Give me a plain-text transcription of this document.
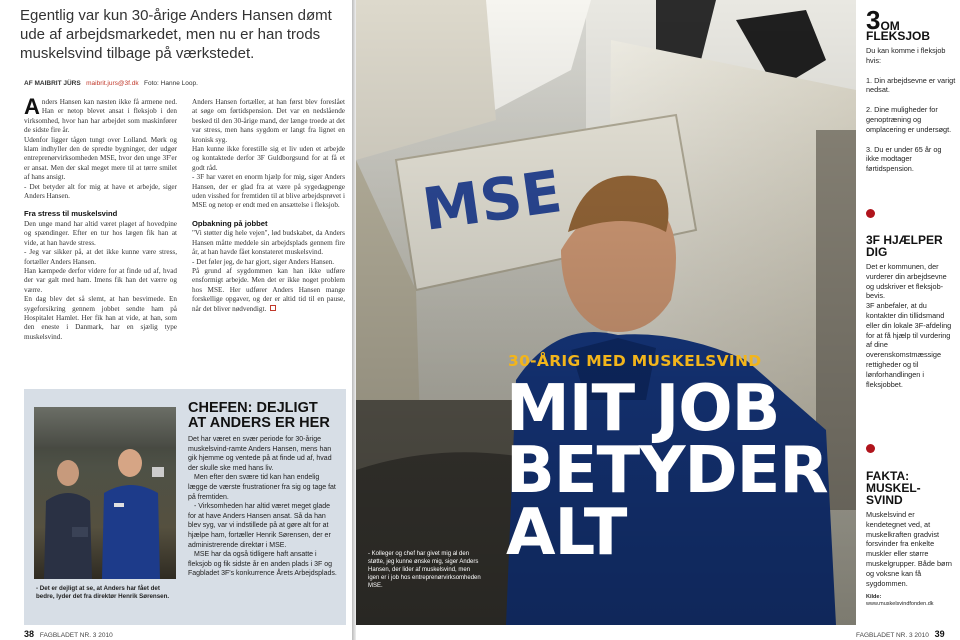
Egentlig var kun 30-årige Anders Hansen dømt ude af arbejdsmarkedet, men nu er han trods muskelsvind tilbage på værkstedet.
AF MAIBRIT JÜRS maibrit.jurs@3f.dk Foto: Hanne Loop.

Anders Hansen kan næsten ikke få armene ned. Han er netop blevet ansat i fleksjob i den virksomhed, hvor han har arbejdet som maskinfører de sidste fire år.

Udenfor ligger tågen tungt over Lolland. Mørk og klam indhyller den de spredte bygninger, der udgør entreprenørvirksomheden MSE, hvor den unge 3F'er er ansat. Men der skal meget mere til at tørre smilet af hans ansigt.

- Det betyder alt for mig at have et arbejde, siger Anders Hansen.

Fra stress til muskelsvind

Den unge mand har altid været plaget af hovedpine og spændinger. Efter en tur hos lægen fik han at vide, at han havde stress.

- Jeg var sikker på, at det ikke kunne være stress, fortæller Anders Hansen.

Han kæmpede derfor videre for at finde ud af, hvad der var galt med ham. Imens fik han det værre og værre.

En dag blev det så slemt, at han besvimede. En sygeforsikring gennem jobbet sendte ham på Hospitalet Hamlet. Her fik han at vide, at han, som den eneste i Danmark, har en sjælig type muskelsvind.

Anders Hansen fortæller, at han først blev foreslået at søge om førtidspension. Det var en nedslående besked til den 30-årige mand, der længe troede at det var stress, men hans sygdom er langt fra lignet en kronisk syg.

Han kunne ikke forestille sig et liv uden et arbejde og kontaktede derfor 3F Guldborgsund for at få et godt råd.

- 3F har været en enorm hjælp for mig, siger Anders Hansen, der er glad fra at være på sygedagpenge uden visshed for fremtiden til at blive arbejdsprøvet i MSE og netop er endt med en ansættelse i fleksjob.

Opbakning på jobbet

"Vi støtter dig hele vejen", lød budskabet, da Anders Hansen måtte meddele sin arbejdsplads gennem fire år, at han havde fået konstateret muskelsvind.

- Det føler jeg, de har gjort, siger Anders Hansen.

På grund af sygdommen kan han ikke udføre ensformigt arbejde. Men det er ikke noget problem hos MSE. Her udfører Anders Hansen mange forskellige opgaver, og der er altid tid til en pause, når det bliver nødvendigt.

- Det er dejligt at se, at Anders har fået det bedre, lyder det fra direktør Henrik Sørensen.
CHEFEN: DEJLIGT AT ANDERS ER HER

Det har været en svær periode for 30-årige muskelsvind-ramte Anders Hansen, mens han gik hjemme og ventede på at finde ud af, hvad der skulle ske med hans liv.

Men efter den svære tid kan han endelig lægge de værste frustrationer fra sig og tage fat på fremtiden.

- Virksomheden har altid været meget glade for at have Anders Hansen ansat. Så da han blev syg, var vi indstillede på at gøre alt for at hjælpe ham, fortæller Henrik Sørensen, der er administrerende direktør i MSE.

MSE har da også tidligere haft ansatte i fleksjob og fik sidste år en anden plads i 3F og Fagbladet 3F's konkurrence Årets Arbejdsplads.

38 FAGBLADET NR. 3 2010
30-ÅRIG MED MUSKELSVIND
MIT JOB
BETYDER
ALT
- Kolleger og chef har givet mig al den støtte, jeg kunne ønske mig, siger Anders Hansen, der lider af muskelsvind, men igen er i job hos entreprenørvirksomheden MSE.
3OM
FLEKSJOB
Du kan komme i fleksjob hvis:
1. Din arbejdsevne er varigt nedsat.
2. Dine muligheder for genoptræning og omplacering er undersøgt.
3. Du er under 65 år og ikke modtager førtidspension.
3F HJÆLPER DIG
Det er kommunen, der vurderer din arbejdsevne og udskriver et fleksjob-bevis.
3F anbefaler, at du kontakter din tillidsmand eller din lokale 3F-afdeling for at få hjælp til vurdering af dine overenskomstmæssige rettigheder og til lønforhandlingen i fleksjobbet.
FAKTA: MUSKEL-SVIND
Muskelsvind er kendetegnet ved, at muskelkraften gradvist forsvinder fra enkelte muskler eller større muskelgrupper. Både børn og voksne kan få sygdommen.
Kilde:
www.muskelsvindfonden.dk
FAGBLADET NR. 3 2010 39
